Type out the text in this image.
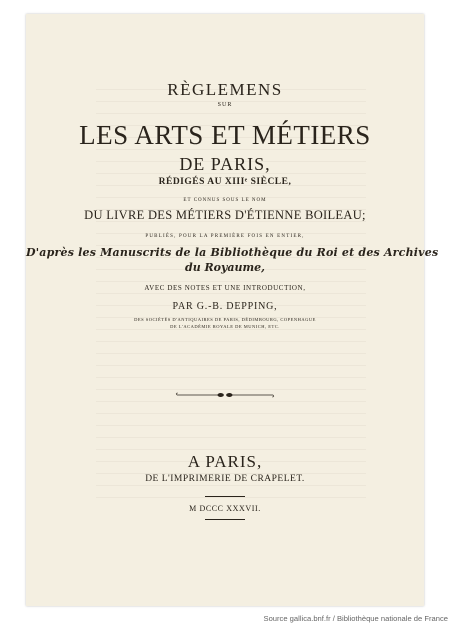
RÈGLEMENS
SUR
LES ARTS ET MÉTIERS
DE PARIS,
RÉDIGÉS AU XIIIᵉ SIÈCLE,
ET CONNUS SOUS LE NOM
DU LIVRE DES MÉTIERS D'ÉTIENNE BOILEAU;
PUBLIÉS, POUR LA PREMIÈRE FOIS EN ENTIER,
D'après les Manuscrits de la Bibliothèque du Roi et des Archives
du Royaume,
AVEC DES NOTES ET UNE INTRODUCTION,
PAR G.-B. DEPPING,
DES SOCIÉTÉS D'ANTIQUAIRES DE PARIS, DÉDIMBOURG, COPENHAGUE
DE L'ACADÉMIE ROYALE DE MUNICH, ETC.
A PARIS,
DE L'IMPRIMERIE DE CRAPELET.
M DCCC XXXVII.
Source gallica.bnf.fr / Bibliothèque nationale de France
